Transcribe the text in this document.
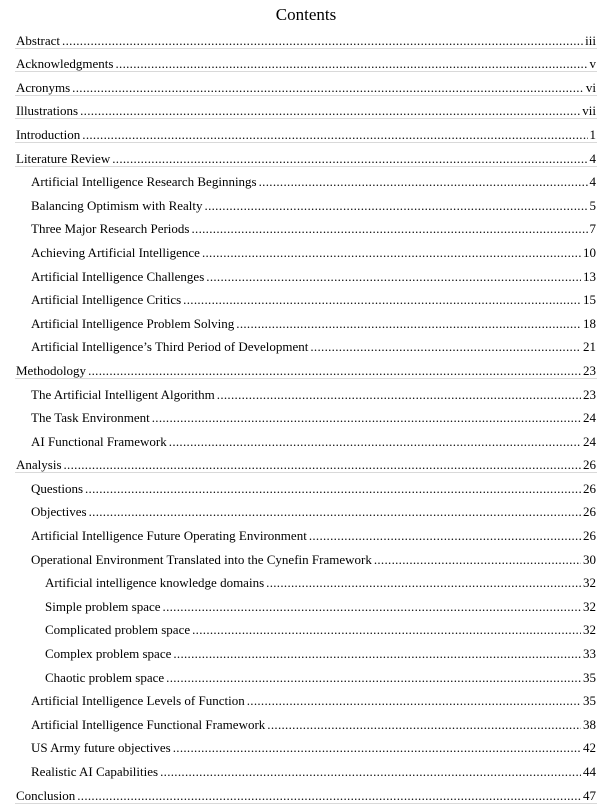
Contents
Abstract .....	iii
Acknowledgments .....	v
Acronyms .....	vi
Illustrations .....	vii
Introduction .....	1
Literature Review .....	4
Artificial Intelligence Research Beginnings .....	4
Balancing Optimism with Realty .....	5
Three Major Research Periods .....	7
Achieving Artificial Intelligence .....	10
Artificial Intelligence Challenges .....	13
Artificial Intelligence Critics .....	15
Artificial Intelligence Problem Solving .....	18
Artificial Intelligence’s Third Period of Development .....	21
Methodology .....	23
The Artificial Intelligent Algorithm .....	23
The Task Environment .....	24
AI Functional Framework .....	24
Analysis .....	26
Questions .....	26
Objectives .....	26
Artificial Intelligence Future Operating Environment .....	26
Operational Environment Translated into the Cynefin Framework .....	30
Artificial intelligence knowledge domains .....	32
Simple problem space .....	32
Complicated problem space .....	32
Complex problem space .....	33
Chaotic problem space .....	35
Artificial Intelligence Levels of Function .....	35
Artificial Intelligence Functional Framework .....	38
US Army future objectives .....	42
Realistic AI Capabilities .....	44
Conclusion .....	47
